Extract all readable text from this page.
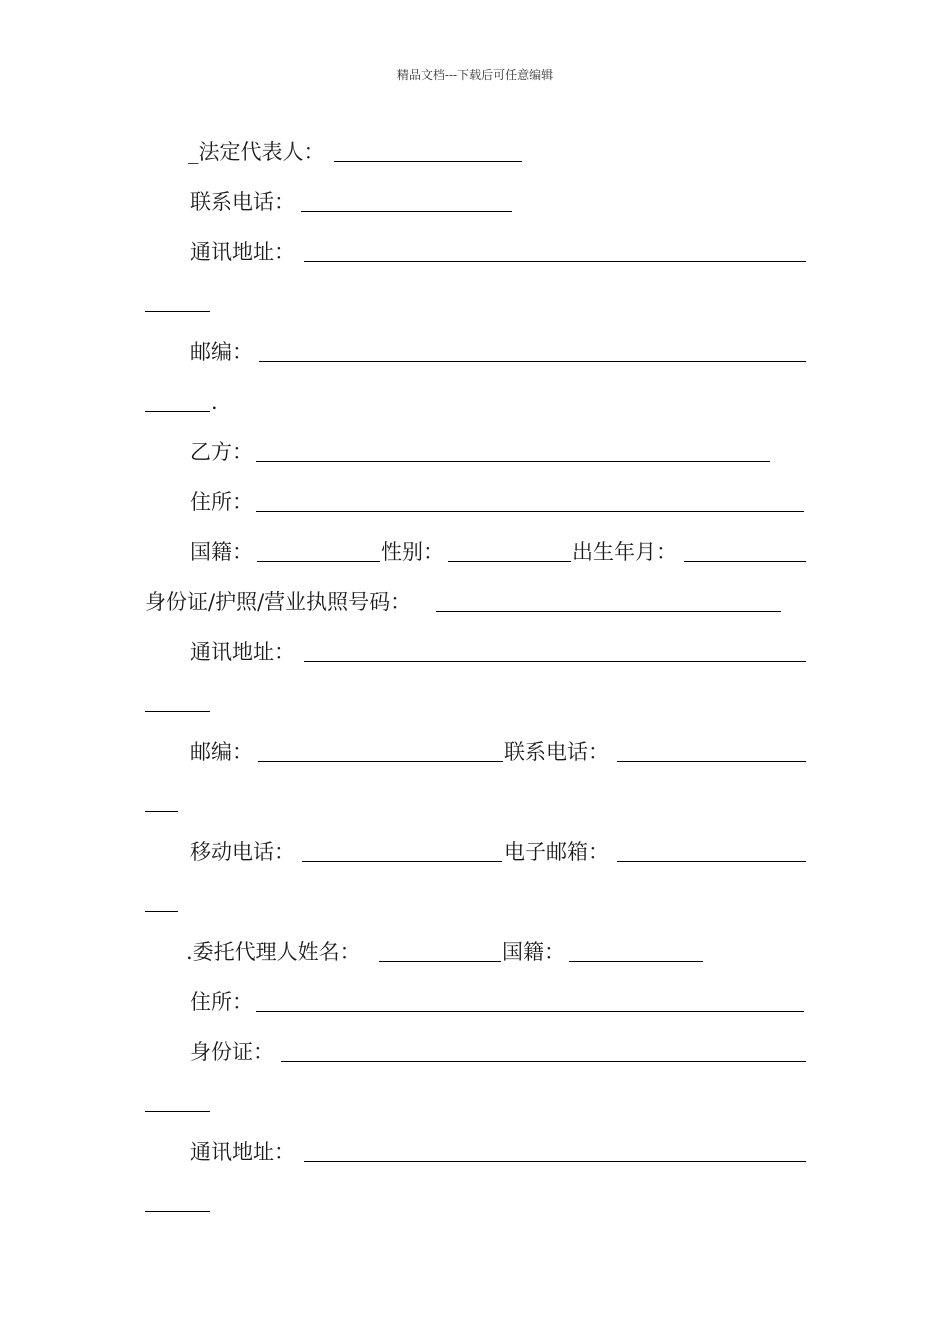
精品文档---下载后可任意编辑
_法定代表人：
联系电话：
通讯地址：
邮编：
.
乙方：
住所：
国籍：	性别：	出生年月：
身份证/护照/营业执照号码：
通讯地址：
邮编：	联系电话：
移动电话：	电子邮箱：
.委托代理人姓名：	国籍：
住所：
身份证：
通讯地址：
